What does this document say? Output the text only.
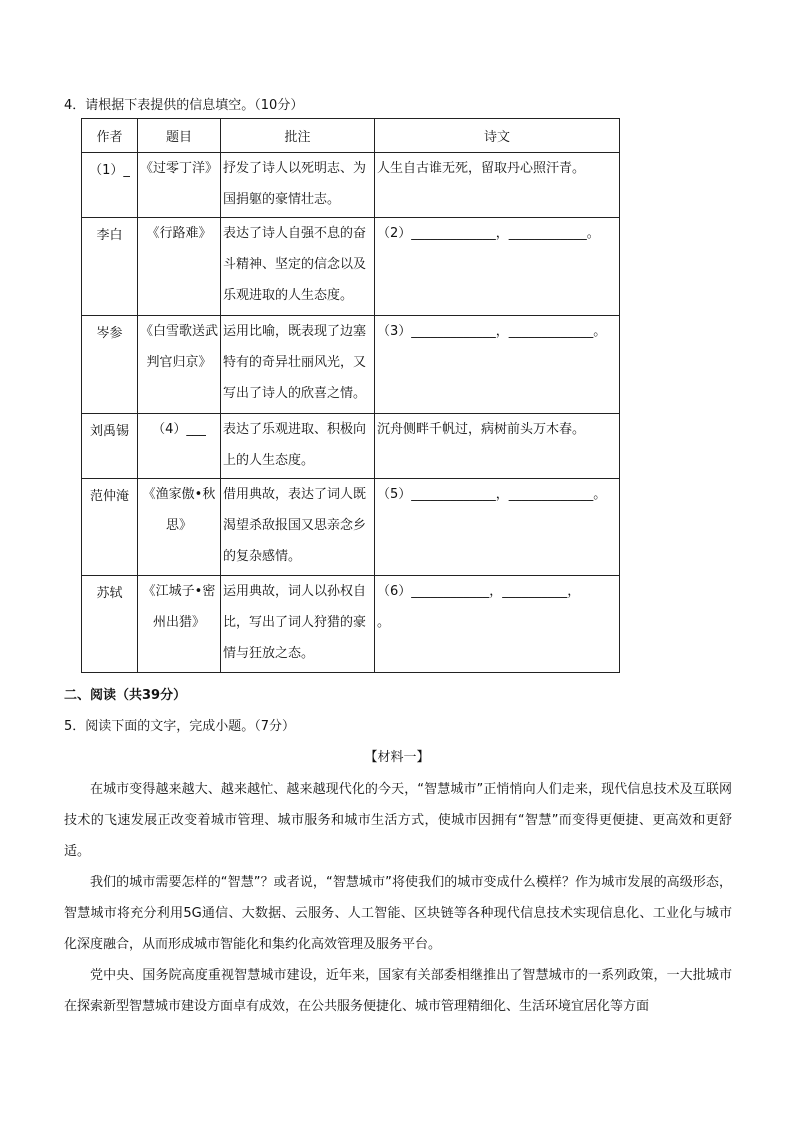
4．请根据下表提供的信息填空。（10分）
作者	题目	批注	诗文
（1）_	《过零丁洋》	抒发了诗人以死明志、为国捐躯的豪情壮志。	人生自古谁无死，留取丹心照汗青。
李白	《行路难》	表达了诗人自强不息的奋斗精神、坚定的信念以及乐观进取的人生态度。	（2）_____________，____________。
岑参	《白雪歌送武判官归京》	运用比喻，既表现了边塞特有的奇异壮丽风光，又写出了诗人的欣喜之情。	（3）_____________，_____________。
刘禹锡	（4）___	表达了乐观进取、积极向上的人生态度。	沉舟侧畔千帆过，病树前头万木春。
范仲淹	《渔家傲•秋思》	借用典故，表达了词人既渴望杀敌报国又思亲念乡的复杂感情。	（5）_____________，_____________。
苏轼	《江城子•密州出猎》	运用典故，词人以孙权自比，写出了词人狩猎的豪情与狂放之态。	（6）____________，__________，
。
二、阅读（共39分）
5．阅读下面的文字，完成小题。（7分）
【材料一】

在城市变得越来越大、越来越忙、越来越现代化的今天，“智慧城市”正悄悄向人们走来，现代信息技术及互联网技术的飞速发展正改变着城市管理、城市服务和城市生活方式，使城市因拥有“智慧”而变得更便捷、更高效和更舒适。

我们的城市需要怎样的“智慧”？或者说，“智慧城市”将使我们的城市变成什么模样？作为城市发展的高级形态，智慧城市将充分利用5G通信、大数据、云服务、人工智能、区块链等各种现代信息技术实现信息化、工业化与城市化深度融合，从而形成城市智能化和集约化高效管理及服务平台。

党中央、国务院高度重视智慧城市建设，近年来，国家有关部委相继推出了智慧城市的一系列政策，一大批城市在探索新型智慧城市建设方面卓有成效，在公共服务便捷化、城市管理精细化、生活环境宜居化等方面
